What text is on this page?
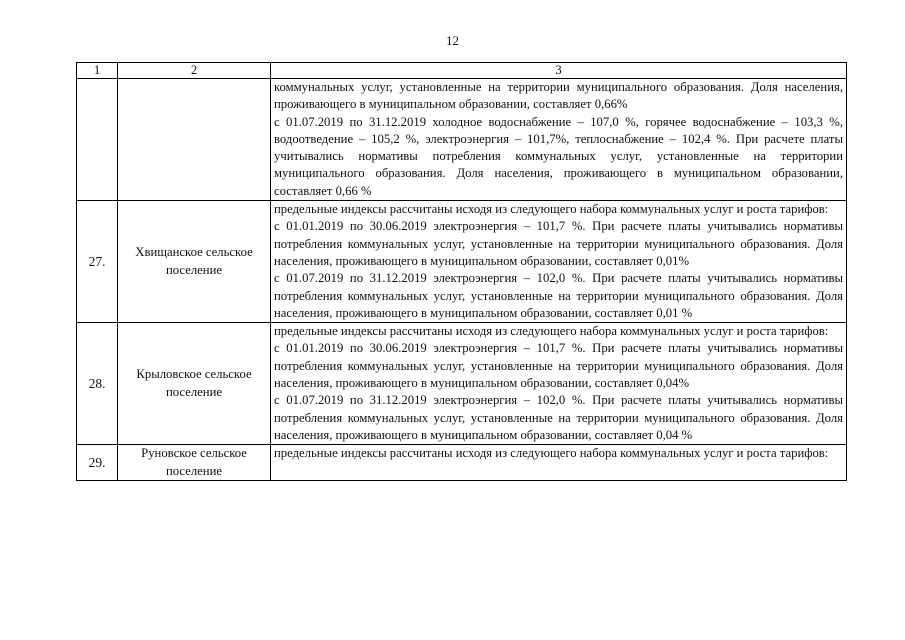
12
1	2	3

		коммунальных услуг, установленные на территории муниципального образования. Доля населения, проживающего в муниципальном образовании, составляет 0,66%

с 01.07.2019 по 31.12.2019 холодное водоснабжение – 107,0 %, горячее водоснабжение – 103,3 %, водоотведение – 105,2 %, электроэнергия – 101,7%, теплоснабжение – 102,4 %. При расчете платы учитывались нормативы потребления коммунальных услуг, установленные на территории муниципального образования. Доля населения, проживающего в муниципальном образовании, составляет 0,66 %

27.	Хвищанское сельское поселение	предельные индексы рассчитаны исходя из следующего набора коммунальных услуг и роста тарифов:

с 01.01.2019 по 30.06.2019 электроэнергия – 101,7 %. При расчете платы учитывались нормативы потребления коммунальных услуг, установленные на территории муниципального образования. Доля населения, проживающего в муниципальном образовании, составляет 0,01%

с 01.07.2019 по 31.12.2019 электроэнергия – 102,0 %. При расчете платы учитывались нормативы потребления коммунальных услуг, установленные на территории муниципального образования. Доля населения, проживающего в муниципальном образовании, составляет 0,01 %

28.	Крыловское сельское поселение	предельные индексы рассчитаны исходя из следующего набора коммунальных услуг и роста тарифов:

с 01.01.2019 по 30.06.2019 электроэнергия – 101,7 %. При расчете платы учитывались нормативы потребления коммунальных услуг, установленные на территории муниципального образования. Доля населения, проживающего в муниципальном образовании, составляет 0,04%

с 01.07.2019 по 31.12.2019 электроэнергия – 102,0 %. При расчете платы учитывались нормативы потребления коммунальных услуг, установленные на территории муниципального образования. Доля населения, проживающего в муниципальном образовании, составляет 0,04 %

29.	Руновское сельское поселение	предельные индексы рассчитаны исходя из следующего набора коммунальных услуг и роста тарифов:
